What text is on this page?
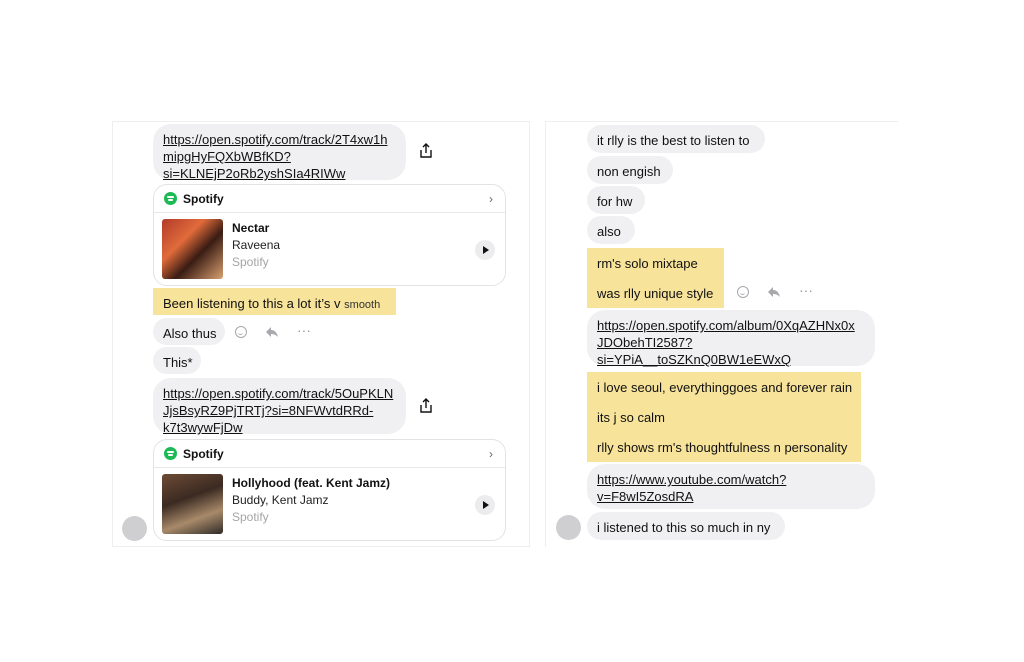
https://open.spotify.com/track/2T4xw1h
mipgHyFQXbWBfKD?
si=KLNEjP2oRb2yshSIa4RIWw
Spotify	›
Nectar
Raveena
Spotify
Been listening to this a lot it’s v smooth
Also thus	···
This*
https://open.spotify.com/track/5OuPKLN
JjsBsyRZ9PjTRTj?si=8NFWvtdRRd-
k7t3wywFjDw
Spotify	›
Hollyhood (feat. Kent Jamz)
Buddy, Kent Jamz
Spotify
it rlly is the best to listen to
non engish
for hw
also
rm's solo mixtape
was rlly unique style	···
https://open.spotify.com/album/0XqAZHNx0x
JDObehTI2587?
si=YPiA__toSZKnQ0BW1eEWxQ
i love seoul, everythinggoes and forever rain
its j so calm
rlly shows rm's thoughtfulness n personality
https://www.youtube.com/watch?
v=F8wI5ZosdRA
i listened to this so much in ny
